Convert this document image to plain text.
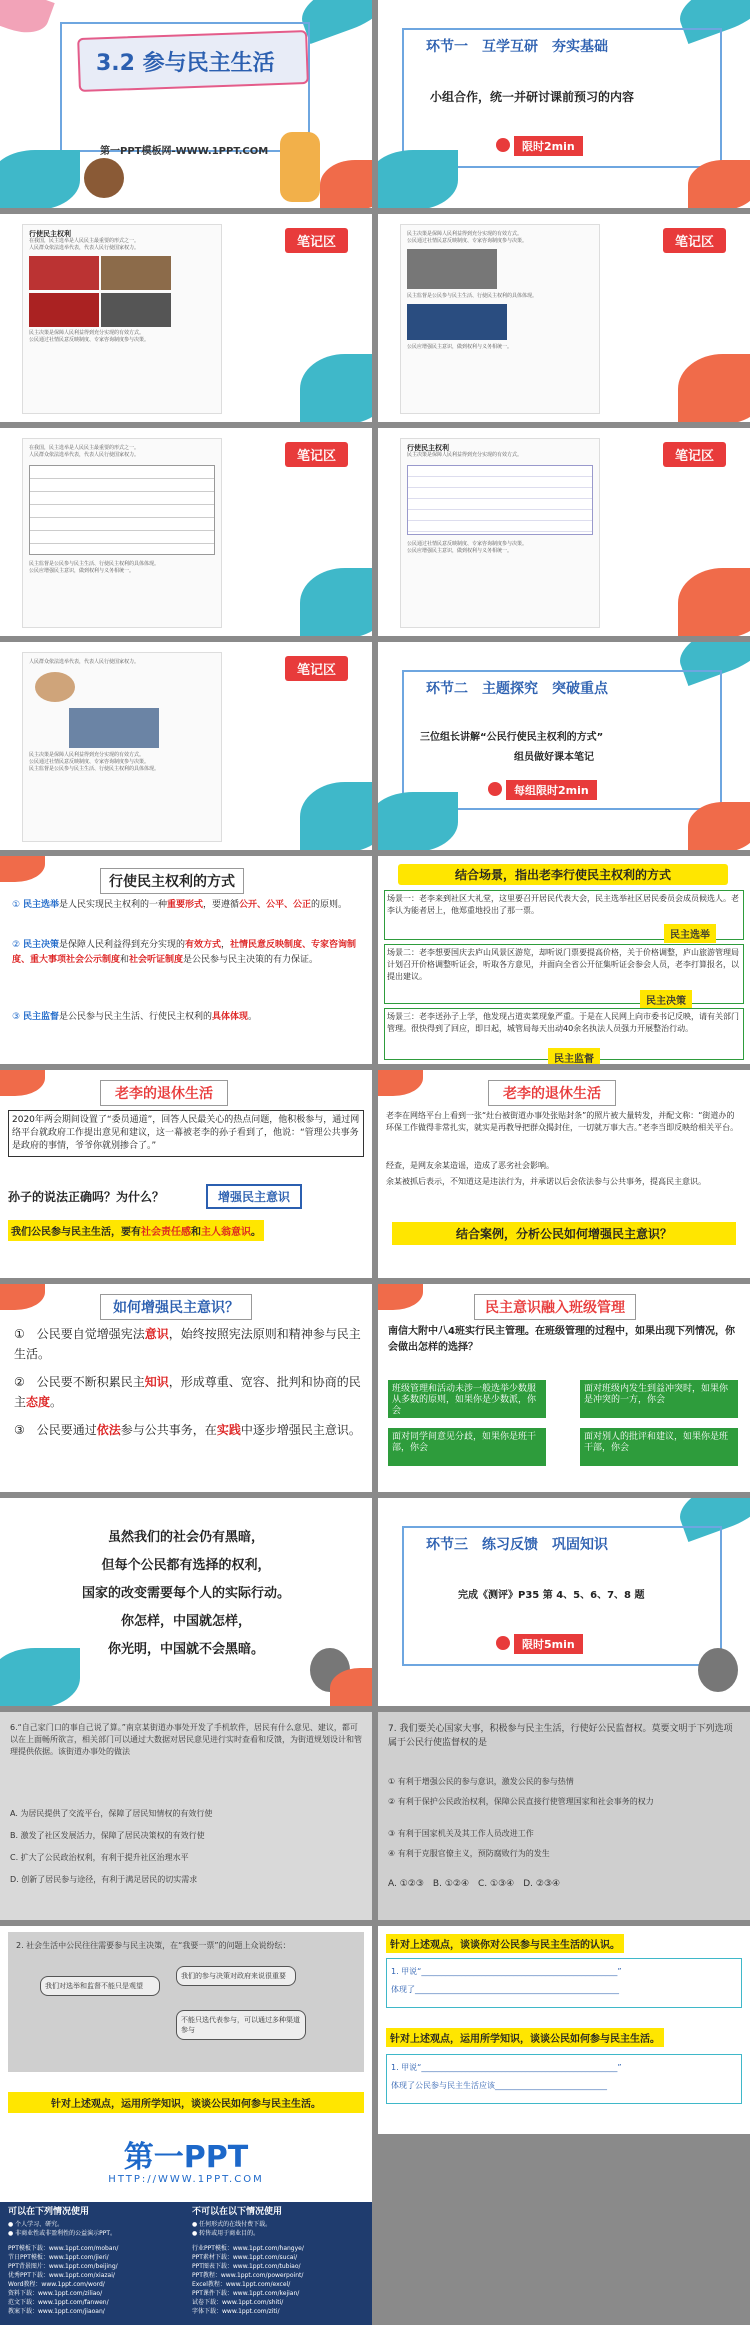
3.2 参与民主生活
第一PPT模板网-WWW.1PPT.COM
环节一　互学互研　夯实基础
小组合作，统一并研讨课前预习的内容
限时2min
行使民主权利
在我国，民主选举是人民民主最重要的形式之一。
人民群众依法选举代表，代表人民行使国家权力。

民主决策是保障人民利益得到充分实现的有效方式。
公民通过社情民意反映制度、专家咨询制度参与决策。
笔记区
民主决策是保障人民利益得到充分实现的有效方式。
公民通过社情民意反映制度、专家咨询制度参与决策。
民主监督是公民参与民主生活、行使民主权利的具体体现。
公民应增强民主意识，做到权利与义务相统一。
笔记区
在我国，民主选举是人民民主最重要的形式之一。
人民群众依法选举代表，代表人民行使国家权力。
民主监督是公民参与民主生活、行使民主权利的具体体现。
公民应增强民主意识，做到权利与义务相统一。
笔记区
行使民主权利
民主决策是保障人民利益得到充分实现的有效方式。
公民通过社情民意反映制度、专家咨询制度参与决策。
公民应增强民主意识，做到权利与义务相统一。
笔记区
人民群众依法选举代表，代表人民行使国家权力。
民主决策是保障人民利益得到充分实现的有效方式。
公民通过社情民意反映制度、专家咨询制度参与决策。
民主监督是公民参与民主生活、行使民主权利的具体体现。
笔记区
环节二　主题探究　突破重点
三位组长讲解“公民行使民主权利的方式”
组员做好课本笔记
每组限时2min
行使民主权利的方式
① 民主选举是人民实现民主权利的一种重要形式，要遵循公开、公平、公正的原则。
② 民主决策是保障人民利益得到充分实现的有效方式，社情民意反映制度、专家咨询制度、重大事项社会公示制度和社会听证制度是公民参与民主决策的有力保证。
③ 民主监督是公民参与民主生活、行使民主权利的具体体现。
结合场景，指出老李行使民主权利的方式
场景一：老李来到社区大礼堂，这里要召开居民代表大会，民主选举社区居民委员会成员候选人。老李认为能者居上，他郑重地投出了那一票。
民主选举
场景二：老李想要国庆去庐山风景区游览，却听说门票要提高价格，关于价格调整，庐山旅游管理局计划召开价格调整听证会，听取各方意见，并面向全省公开征集听证会参会人员，老李打算报名，以提出建议。
民主决策
场景三：老李送孙子上学，他发现占道卖菜现象严重。于是在人民网上向市委书记反映，请有关部门管理。很快得到了回应，即日起，城管局每天出动40余名执法人员强力开展整治行动。
民主监督
老李的退休生活
2020年两会期间设置了“委员通道”，回答人民最关心的热点问题，他积极参与，通过网络平台就政府工作提出意见和建议，这一幕被老李的孙子看到了，他说：“管理公共事务是政府的事情，爷爷你就别掺合了。”
孙子的说法正确吗？为什么？	增强民主意识
我们公民参与民主生活，要有社会责任感和主人翁意识。
老李的退休生活
老李在网络平台上看到一张“灶台被街道办事处张贴封条”的照片被大量转发，并配文称：“街道办的环保工作做得非常扎实，就实是再教导把群众揭封住，一切就万事大吉。”老李当即反映给相关平台。
经查，是网友余某造谣，造成了恶劣社会影响。
余某被抓后表示，不知道这是违法行为，并承诺以后会依法参与公共事务，提高民主意识。
结合案例，分析公民如何增强民主意识？
如何增强民主意识？
①　公民要自觉增强宪法意识，始终按照宪法原则和精神参与民主生活。
②　公民要不断积累民主知识，形成尊重、宽容、批判和协商的民主态度。
③　公民要通过依法参与公共事务，在实践中逐步增强民主意识。
民主意识融入班级管理
南信大附中八4班实行民主管理。在班级管理的过程中，如果出现下列情况，你会做出怎样的选择？
班级管理和活动未涉一般选举少数服从多数的原则，如果你是少数派，你会
面对班级内发生到益冲突时，如果你是冲突的一方，你会
面对同学间意见分歧，如果你是班干部，你会
面对别人的批评和建议，如果你是班干部，你会
虽然我们的社会仍有黑暗，
但每个公民都有选择的权利，
国家的改变需要每个人的实际行动。
你怎样，中国就怎样，
你光明，中国就不会黑暗。
环节三　练习反馈　巩固知识
完成《测评》P35 第 4、5、6、7、8 题
限时5min
6.“自己家门口的事自己说了算。”南京某街道办事处开发了手机软件，居民有什么意见、建议，都可以在上面畅所欲言，相关部门可以通过大数据对居民意见进行实时查看和反馈，为街道规划设计和管理提供依据。该街道办事处的做法
A. 为居民提供了交流平台，保障了居民知情权的有效行使
B. 激发了社区发展活力，保障了居民决策权的有效行使
C. 扩大了公民政治权利，有利于提升社区治理水平
D. 创新了居民参与途径，有利于满足居民的切实需求
7. 我们要关心国家大事，积极参与民主生活，行使好公民监督权。莫要文明于下列选项属于公民行使监督权的是
① 有利于增强公民的参与意识，激发公民的参与热情
② 有利于保护公民政治权利，保障公民直接行使管理国家和社会事务的权力
③ 有利于国家机关及其工作人员改进工作
④ 有利于克服官僚主义，预防腐败行为的发生
A. ①②③　B. ①②④　C. ①③④　D. ②③④
2. 社会生活中公民往往需要参与民主决策，在“我要一票”的问题上众说纷纭：
我们对选举和监督不能只是观望
我们的参与决策对政府来说很重要
不能只选代表参与，可以通过多种渠道参与
针对上述观点，运用所学知识，谈谈公民如何参与民主生活。
针对上述观点，谈谈你对公民参与民主生活的认识。
1. 甲说“_________________________________________________”
体现了___________________________________________________
针对上述观点，运用所学知识，谈谈公民如何参与民主生活。
1. 甲说“_________________________________________________”
体现了公民参与民主生活应该____________________________
第一PPT
HTTP://WWW.1PPT.COM
可以在下列情况使用
● 个人学习、研究。
● 非商业性或非盈利性的公益演示PPT。
不可以在以下情况使用
● 任何形式的在线付费下载。
● 转售或用于商业目的。
PPT模板下载：www.1ppt.com/moban/
节日PPT模板：www.1ppt.com/jieri/
PPT背景图片：www.1ppt.com/beijing/
优秀PPT下载：www.1ppt.com/xiazai/
Word教程：www.1ppt.com/word/
资料下载：www.1ppt.com/ziliao/
范文下载：www.1ppt.com/fanwen/
教案下载：www.1ppt.com/jiaoan/
行业PPT模板：www.1ppt.com/hangye/
PPT素材下载：www.1ppt.com/sucai/
PPT图表下载：www.1ppt.com/tubiao/
PPT教程：www.1ppt.com/powerpoint/
Excel教程：www.1ppt.com/excel/
PPT课件下载：www.1ppt.com/kejian/
试卷下载：www.1ppt.com/shiti/
字体下载：www.1ppt.com/ziti/
